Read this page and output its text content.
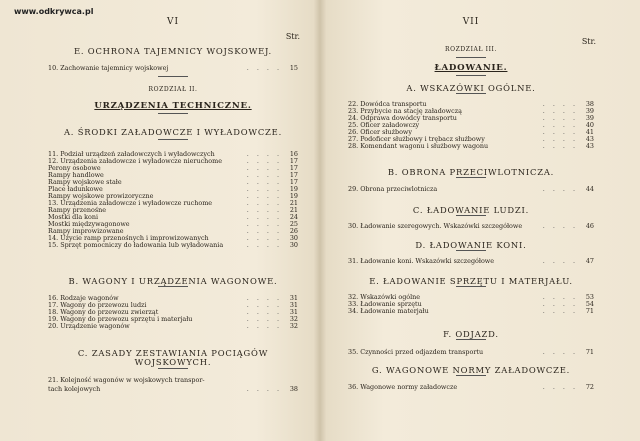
www.odkrywca.pl
VI
Str.
E. OCHRONA TAJEMNICY WOJSKOWEJ.
ROZDZIAŁ II.
URZĄDZENIA TECHNICZNE.
A. ŚRODKI ZAŁADOWCZE I WYŁADOWCZE.
B. WAGONY I URZĄDZENIA WAGONOWE.
C. ZASADY ZESTAWIANIA POCIĄGÓW
WOJSKOWYCH.
10. Zachowanie tajemnicy wojskowej	. . . . 15
11. Podział urządzeń załadowczych i wyładowczych	. . . . 16
12. Urządzenia załadowcze i wyładowcze nieruchome	. . . . 17
Perony osobowe	. . . . 17
Rampy handlowe	. . . . 17
Rampy wojskowe stałe	. . . . 17
Place ładunkowe	. . . . 19
Rampy wojskowe prowizoryczne	. . . . 19
13. Urządzenia załadowcze i wyładowcze ruchome	. . . . 21
Rampy przenośne	. . . . 21
Mostki dla koni	. . . . 24
Mostki międzywagonowe	. . . . 25
Rampy improwizowane	. . . . 26
14. Użycie ramp przenośnych i improwizowanych	. . . . 30
15. Sprzęt pomocniczy do ładowania lub wyładowania	. . . . 30
16. Rodzaje wagonów	. . . . 31
17. Wagony do przewozu ludzi	. . . . 31
18. Wagony do przewozu zwierząt	. . . . 31
19. Wagony do przewozu sprzętu i materjału	. . . . 32
20. Urządzenie wagonów	. . . . 32
21. Kolejność wagonów w wojskowych transpor-
tach kolejowych	. . . . 38
VII
Str.
ROZDZIAŁ III.
ŁADOWANIE.
A. WSKAZÓWKI OGÓLNE.
B. OBRONA PRZECIWLOTNICZA.
C. ŁADOWANIE LUDZI.
D. ŁADOWANIE KONI.
E. ŁADOWANIE SPRZĘTU I MATERJAŁU.
F. ODJAZD.
G. WAGONOWE NORMY ZAŁADOWCZE.
22. Dowódca transportu	. . . . 38
23. Przybycie na stację załadowczą	. . . . 39
24. Odprawa dowódcy transportu	. . . . 39
25. Oficer załadowczy	. . . . 40
26. Oficer służbowy	. . . . 41
27. Podoficer służbowy i trębacz służbowy	. . . . 43
28. Komendant wagonu i służbowy wagonu	. . . . 43
29. Obrona przeciwlotnicza	. . . . 44
30. Ładowanie szeregowych. Wskazówki szczegółowe	. . . . 46
31. Ładowanie koni. Wskazówki szczegółowe	. . . . 47
32. Wskazówki ogólne	. . . . 53
33. Ładowanie sprzętu	. . . . 54
34. Ładowanie materjału	. . . . 71
35. Czynności przed odjazdem transportu	. . . . 71
36. Wagonowe normy załadowcze	. . . . 72
